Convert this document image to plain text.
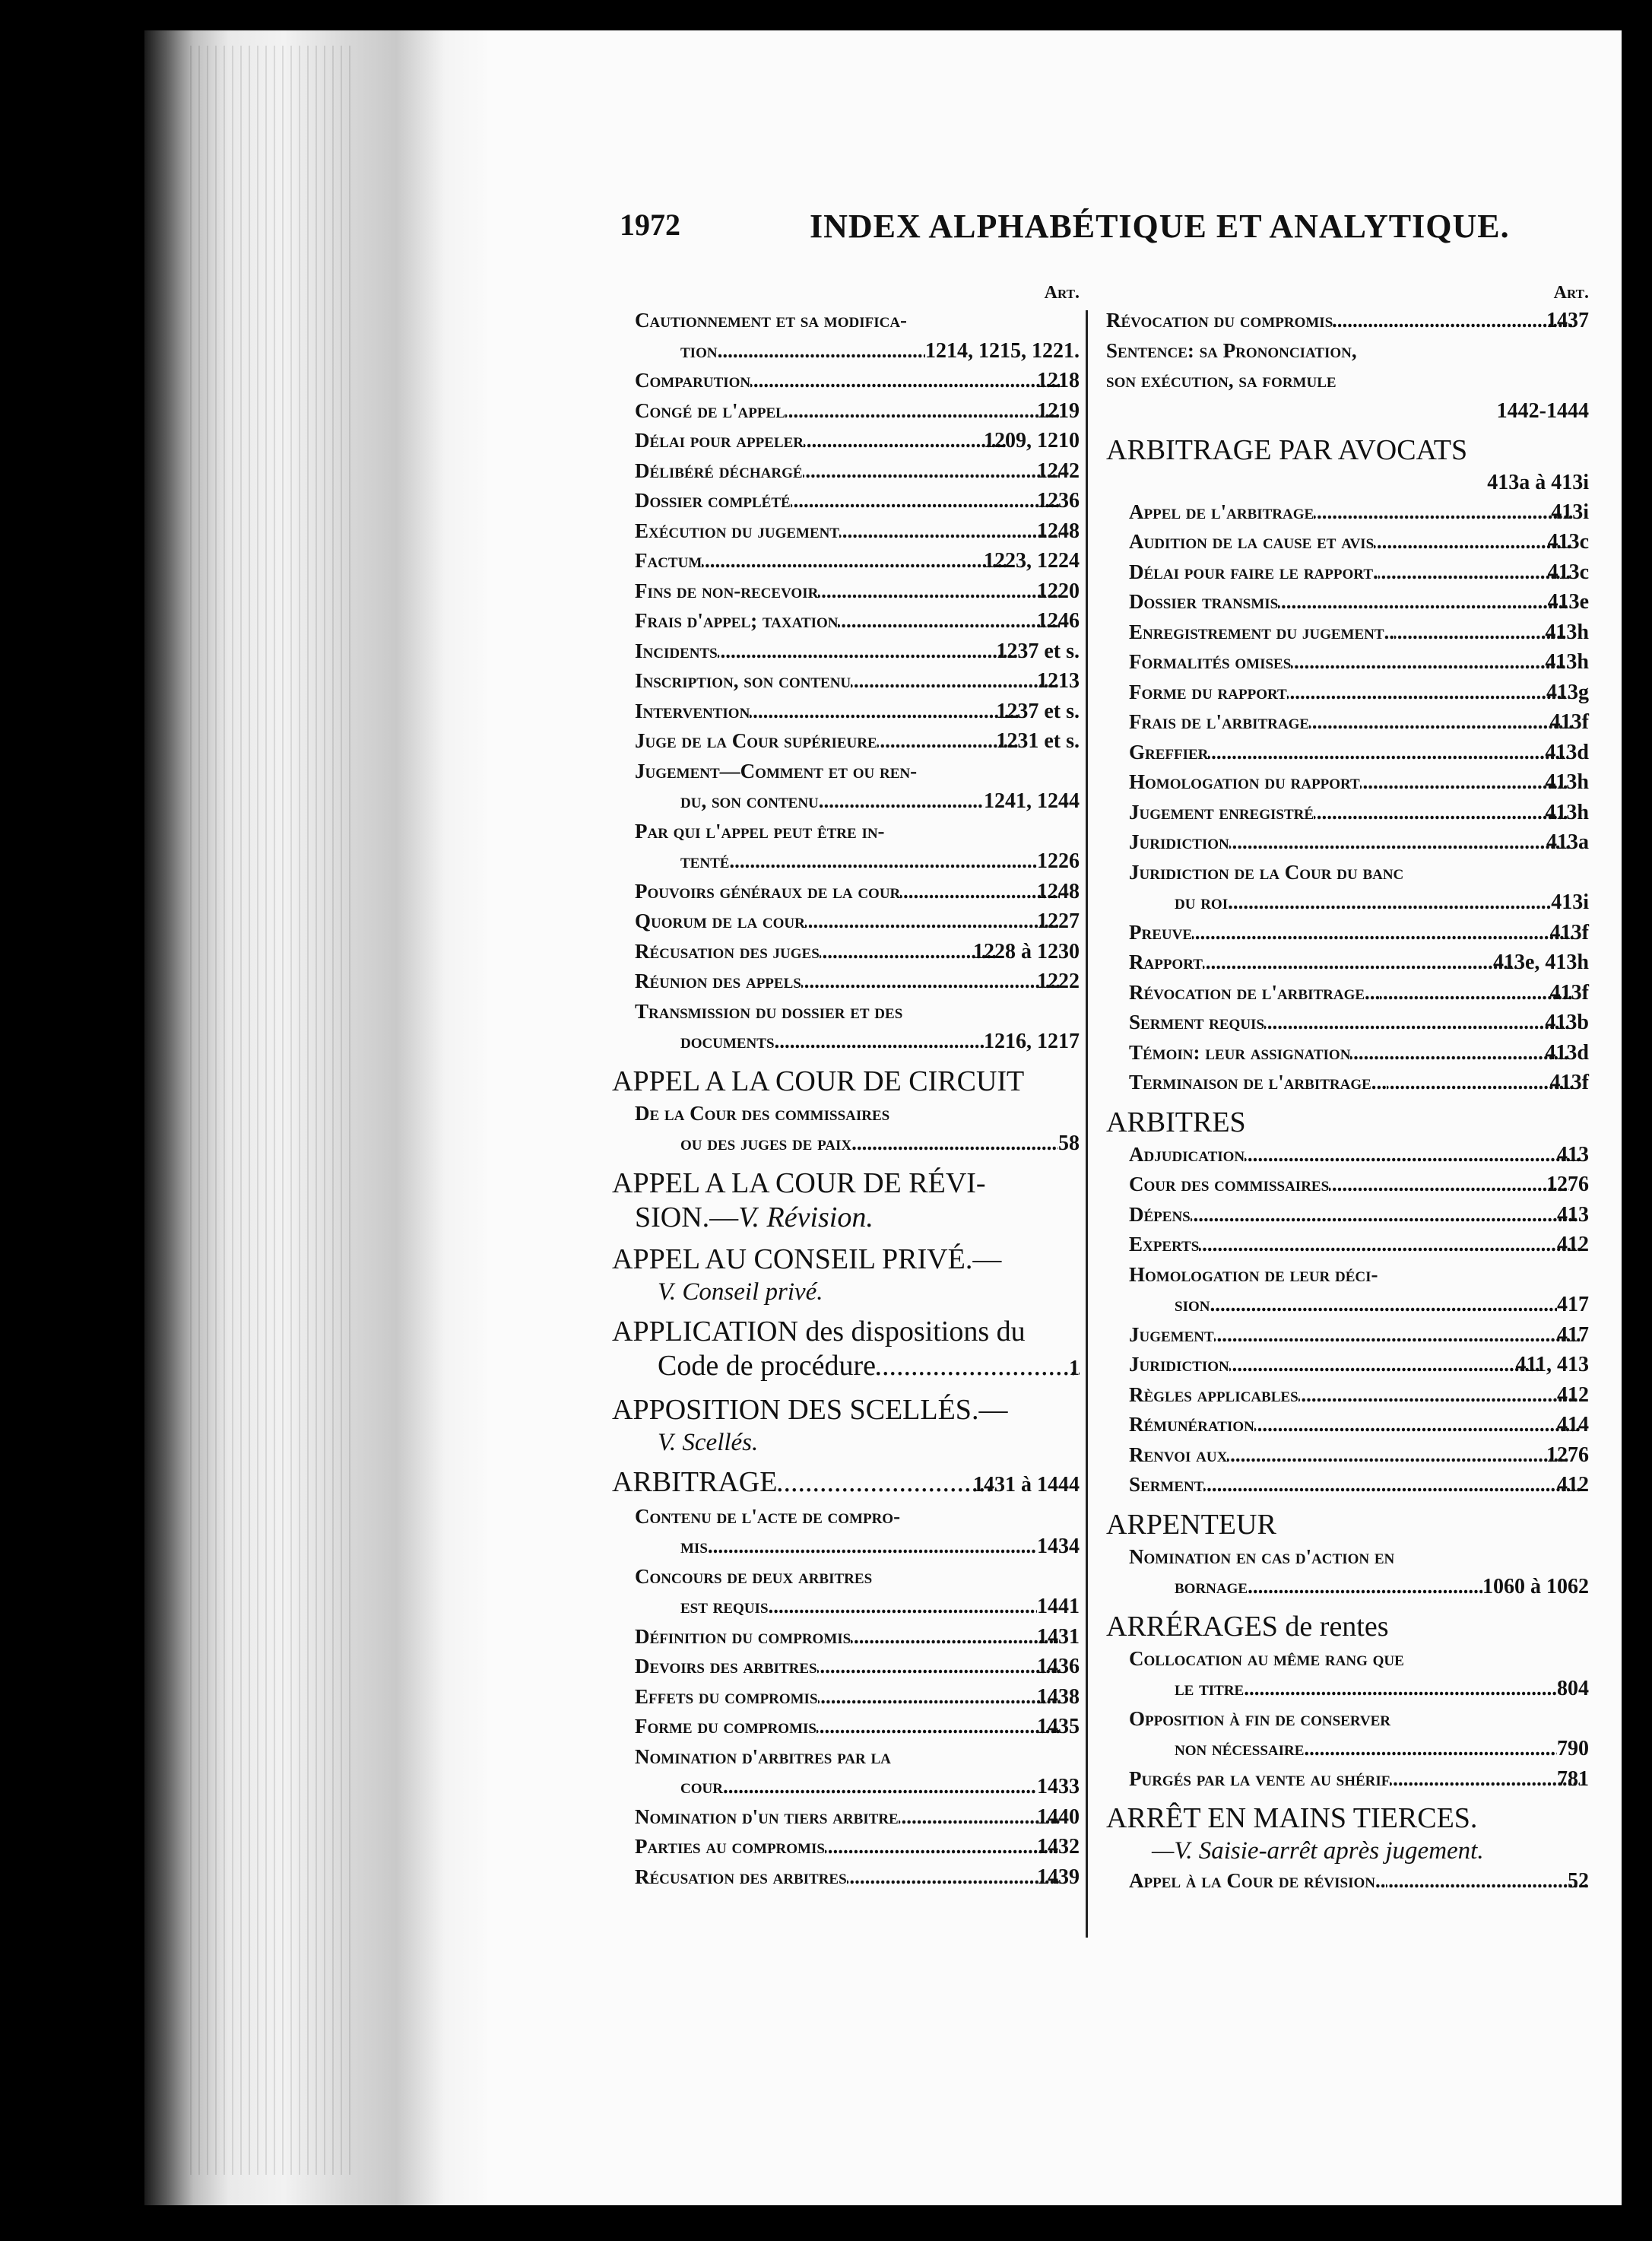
1972	INDEX ALPHABÉTIQUE ET ANALYTIQUE.
Art.
Cautionnement et sa modifica-
tion .....	1214, 1215, 1221.
Comparution .....	1218
Congé de l'appel .....	1219
Délai pour appeler .....	1209, 1210
Délibéré déchargé .....	1242
Dossier complété .....	1236
Exécution du jugement .....	1248
Factum .....	1223, 1224
Fins de non-recevoir .....	1220
Frais d'appel; taxation .....	1246
Incidents .....	1237 et s.
Inscription, son contenu .....	1213
Intervention .....	1237 et s.
Juge de la Cour supérieure .....	1231 et s.
Jugement—Comment et ou ren-
du, son contenu .....	1241, 1244
Par qui l'appel peut être in-
tenté .....	1226
Pouvoirs généraux de la cour .....	1248
Quorum de la cour .....	1227
Récusation des juges .....	1228 à 1230
Réunion des appels .....	1222
Transmission du dossier et des
documents .....	1216, 1217
APPEL A LA COUR DE CIRCUIT
De la Cour des commissaires
ou des juges de paix .....	58
APPEL A LA COUR DE RÉVI-
SION.—V. Révision.
APPEL AU CONSEIL PRIVÉ.—
V. Conseil privé.
APPLICATION des dispositions du
Code de procédure .....	1
APPOSITION DES SCELLÉS.—
V. Scellés.
ARBITRAGE .....	1431 à 1444
Contenu de l'acte de compro-
mis .....	1434
Concours de deux arbitres
est requis .....	1441
Définition du compromis .....	1431
Devoirs des arbitres .....	1436
Effets du compromis .....	1438
Forme du compromis .....	1435
Nomination d'arbitres par la
cour .....	1433
Nomination d'un tiers arbitre .....	1440
Parties au compromis .....	1432
Récusation des arbitres .....	1439
Art.
Révocation du compromis .....	1437
Sentence: sa Prononciation,
son exécution, sa formule
1442-1444
ARBITRAGE PAR AVOCATS
413a à 413i
Appel de l'arbitrage .....	413i
Audition de la cause et avis .....	413c
Délai pour faire le rapport. .....	413c
Dossier transmis .....	413e
Enregistrement du jugement.. .....	413h
Formalités omises .....	413h
Forme du rapport .....	413g
Frais de l'arbitrage .....	413f
Greffier .....	413d
Homologation du rapport .....	413h
Jugement enregistré .....	413h
Juridiction .....	413a
Juridiction de la Cour du banc
du roi .....	413i
Preuve .....	413f
Rapport .....	413e, 413h
Révocation de l'arbitrage... .....	413f
Serment requis .....	413b
Témoin: leur assignation .....	413d
Terminaison de l'arbitrage... .....	413f
ARBITRES
Adjudication .....	413
Cour des commissaires .....	1276
Dépens .....	413
Experts .....	412
Homologation de leur déci-
sion .....	417
Jugement .....	417
Juridiction .....	411, 413
Règles applicables .....	412
Rémunération .....	414
Renvoi aux .....	1276
Serment .....	412
ARPENTEUR
Nomination en cas d'action en
bornage .....	1060 à 1062
ARRÉRAGES de rentes
Collocation au même rang que
le titre .....	804
Opposition à fin de conserver
non nécessaire .....	790
Purgés par la vente au shérif .....	781
ARRÊT EN MAINS TIERCES.
—V. Saisie-arrêt après jugement.
Appel à la Cour de révision.. .....	52
